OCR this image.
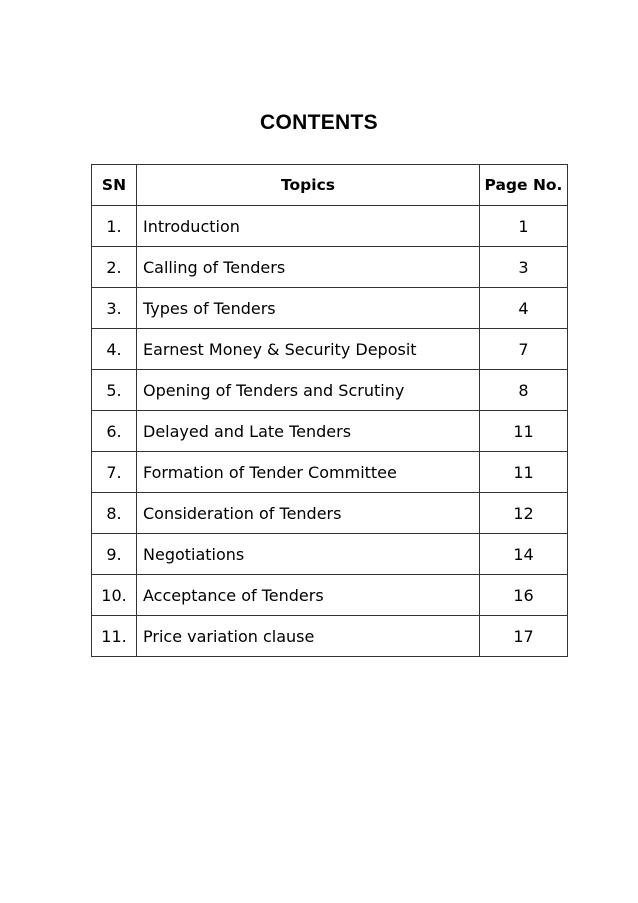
CONTENTS
SN	Topics	Page No.
1.	Introduction	1
2.	Calling of Tenders	3
3.	Types of Tenders	4
4.	Earnest Money & Security Deposit	7
5.	Opening of Tenders and Scrutiny	8
6.	Delayed and Late Tenders	11
7.	Formation of Tender Committee	11
8.	Consideration of Tenders	12
9.	Negotiations	14
10.	Acceptance of Tenders	16
11.	Price variation clause	17
